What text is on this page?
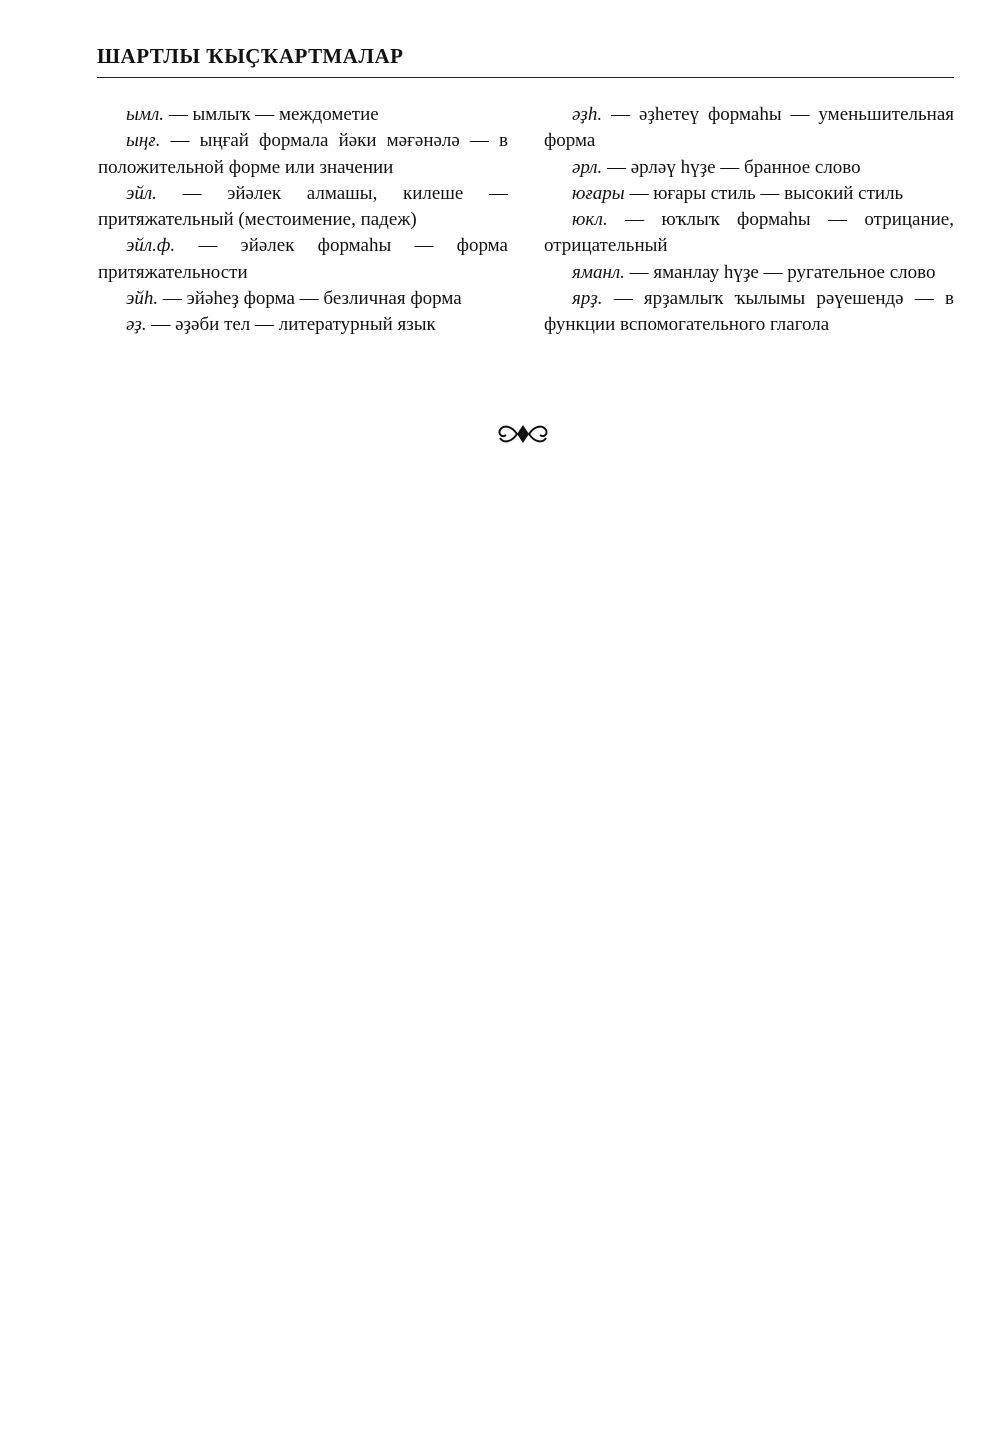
ШАРТЛЫ ҠЫҪҠАРТМАЛАР

ымл. — ымлыҡ — междометие

ыңғ. — ыңғай формала йәки мәғәнәлә — в положительной форме или значении

эйл. — эйәлек алмашы, килеше — притяжательный (местоимение, падеж)

эйл.ф. — эйәлек формаһы — форма притяжательности

эйһ. — эйәһеҙ форма — безличная форма

әҙ. — әҙәби тел — литературный язык

әҙһ. — әҙһетеү формаһы — уменьшительная форма

әрл. — әрләү һүҙе — бранное слово

юғары — юғары стиль — высокий стиль

юкл. — юҡлыҡ формаһы — отрицание, отрицательный

яманл. — яманлау һүҙе — ругательное слово

ярҙ. — ярҙамлыҡ ҡылымы рәүешендә — в функции вспомогательного глагола
